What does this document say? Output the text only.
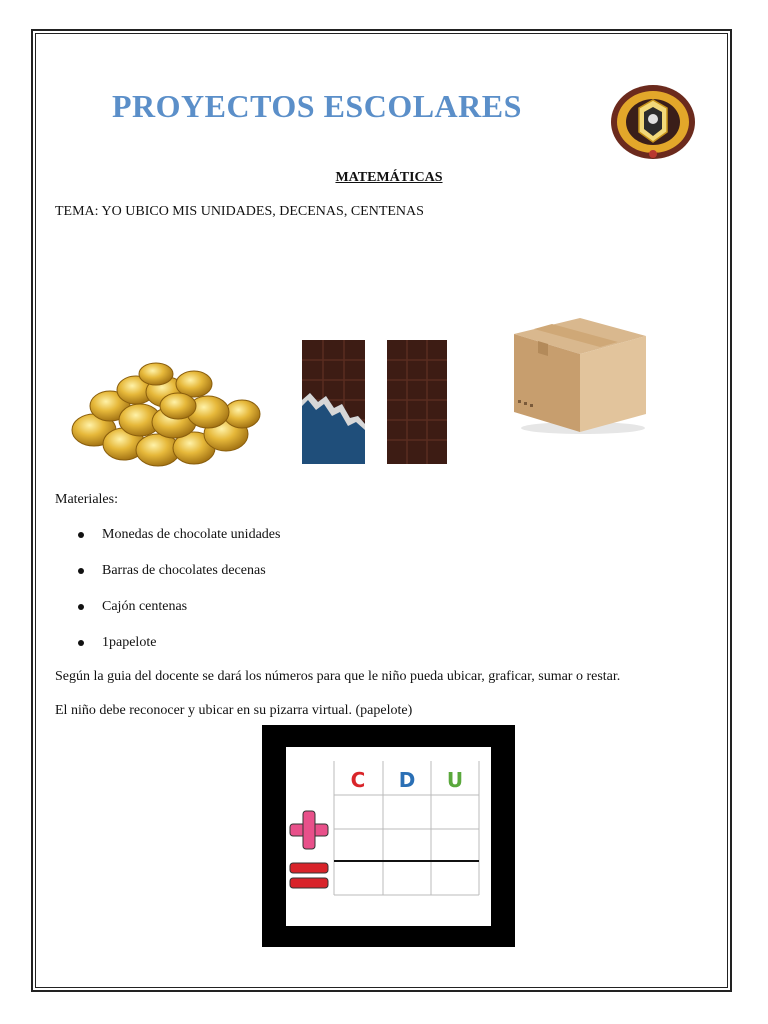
PROYECTOS ESCOLARES
MATEMÁTICAS
TEMA: YO UBICO MIS UNIDADES, DECENAS, CENTENAS
Materiales:
Monedas de chocolate unidades
Barras de chocolates decenas
Cajón centenas
1papelote
Según la guia del docente se dará los números para que le niño pueda ubicar, graficar, sumar o restar.
El niño debe reconocer y ubicar en su pizarra virtual. (papelote)
C D U
